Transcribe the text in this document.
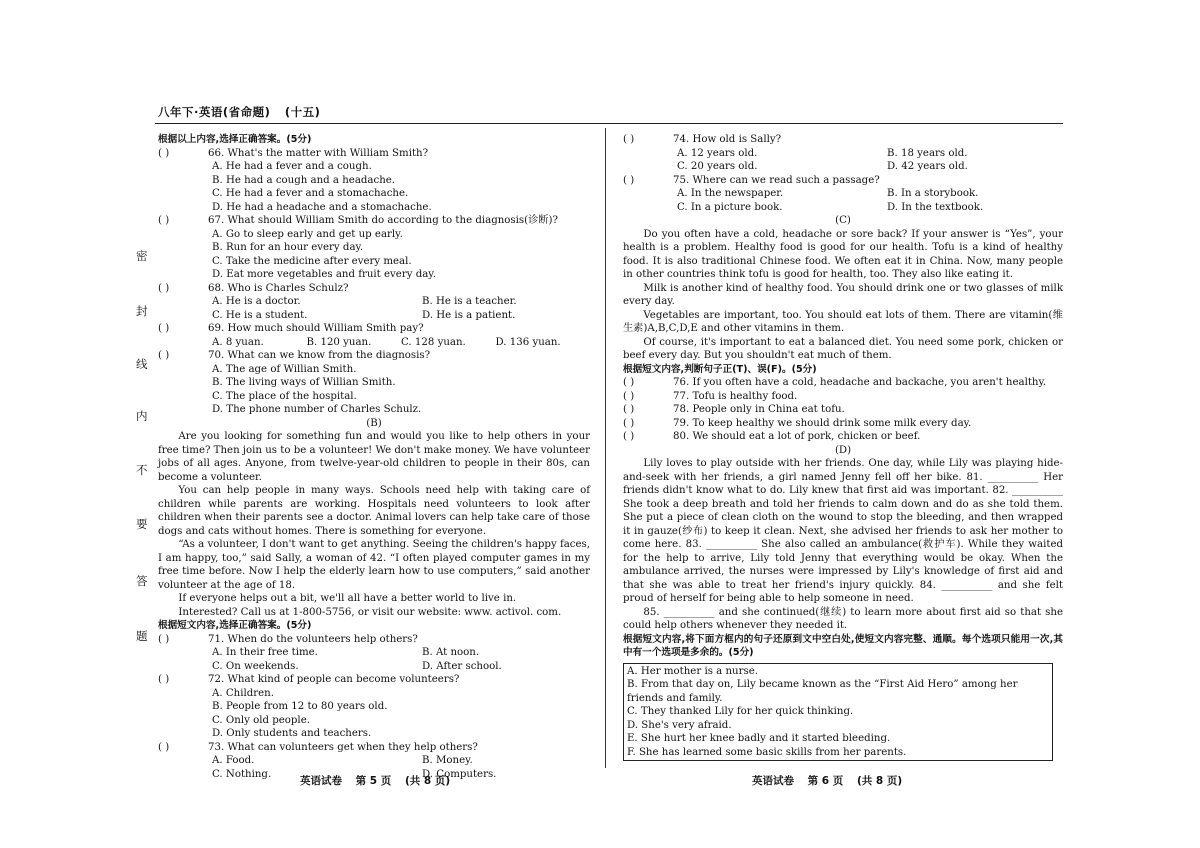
八年下·英语(省命题) (十五)
密
封
线
内
不
要
答
题
根据以上内容,选择正确答案。(5分)
( )	66. What's the matter with William Smith?
A. He had a fever and a cough.
B. He had a cough and a headache.
C. He had a fever and a stomachache.
D. He had a headache and a stomachache.
( )	67. What should William Smith do according to the diagnosis(诊断)?
A. Go to sleep early and get up early.
B. Run for an hour every day.
C. Take the medicine after every meal.
D. Eat more vegetables and fruit every day.
( )	68. Who is Charles Schulz?
A. He is a doctor.	B. He is a teacher.
C. He is a student.	D. He is a patient.
( )	69. How much should William Smith pay?
A. 8 yuan.	B. 120 yuan.	C. 128 yuan.	D. 136 yuan.
( )	70. What can we know from the diagnosis?
A. The age of Willian Smith.
B. The living ways of Willian Smith.
C. The place of the hospital.
D. The phone number of Charles Schulz.
(B)
Are you looking for something fun and would you like to help others in your free time? Then join us to be a volunteer! We don't make money. We have volunteer jobs of all ages. Anyone, from twelve-year-old children to people in their 80s, can become a volunteer.
You can help people in many ways. Schools need help with taking care of children while parents are working. Hospitals need volunteers to look after children when their parents see a doctor. Animal lovers can help take care of those dogs and cats without homes. There is something for everyone.
“As a volunteer, I don't want to get anything. Seeing the children's happy faces, I am happy, too,” said Sally, a woman of 42. “I often played computer games in my free time before. Now I help the elderly learn how to use computers,” said another volunteer at the age of 18.
If everyone helps out a bit, we'll all have a better world to live in.
Interested? Call us at 1-800-5756, or visit our website: www. activol. com.
根据短文内容,选择正确答案。(5分)
( )	71. When do the volunteers help others?
A. In their free time.	B. At noon.
C. On weekends.	D. After school.
( )	72. What kind of people can become volunteers?
A. Children.
B. People from 12 to 80 years old.
C. Only old people.
D. Only students and teachers.
( )	73. What can volunteers get when they help others?
A. Food.	B. Money.
C. Nothing.	D. Computers.
( )	74. How old is Sally?
A. 12 years old.	B. 18 years old.
C. 20 years old.	D. 42 years old.
( )	75. Where can we read such a passage?
A. In the newspaper.	B. In a storybook.
C. In a picture book.	D. In the textbook.
(C)
Do you often have a cold, headache or sore back? If your answer is “Yes”, your health is a problem. Healthy food is good for our health. Tofu is a kind of healthy food. It is also traditional Chinese food. We often eat it in China. Now, many people in other countries think tofu is good for health, too. They also like eating it.
Milk is another kind of healthy food. You should drink one or two glasses of milk every day.
Vegetables are important, too. You should eat lots of them. There are vitamin(维生素)A,B,C,D,E and other vitamins in them.
Of course, it's important to eat a balanced diet. You need some pork, chicken or beef every day. But you shouldn't eat much of them.
根据短文内容,判断句子正(T)、误(F)。(5分)
( )	76. If you often have a cold, headache and backache, you aren't healthy.
( )	77. Tofu is healthy food.
( )	78. People only in China eat tofu.
( )	79. To keep healthy we should drink some milk every day.
( )	80. We should eat a lot of pork, chicken or beef.
(D)
Lily loves to play outside with her friends. One day, while Lily was playing hide-and-seek with her friends, a girl named Jenny fell off her bike. 81. __________ Her friends didn't know what to do. Lily knew that first aid was important. 82. __________ She took a deep breath and told her friends to calm down and do as she told them. She put a piece of clean cloth on the wound to stop the bleeding, and then wrapped it in gauze(纱布) to keep it clean. Next, she advised her friends to ask her mother to come here. 83. __________ She also called an ambulance(救护车). While they waited for the help to arrive, Lily told Jenny that everything would be okay. When the ambulance arrived, the nurses were impressed by Lily's knowledge of first aid and that she was able to treat her friend's injury quickly. 84. __________ and she felt proud of herself for being able to help someone in need.
85. __________ and she continued(继续) to learn more about first aid so that she could help others whenever they needed it.
根据短文内容,将下面方框内的句子还原到文中空白处,使短文内容完整、通顺。每个选项只能用一次,其中有一个选项是多余的。(5分)
A. Her mother is a nurse.
B. From that day on, Lily became known as the “First Aid Hero” among her friends and family.
C. They thanked Lily for her quick thinking.
D. She's very afraid.
E. She hurt her knee badly and it started bleeding.
F. She has learned some basic skills from her parents.
英语试卷 第 5 页 (共 8 页)	英语试卷 第 6 页 (共 8 页)
